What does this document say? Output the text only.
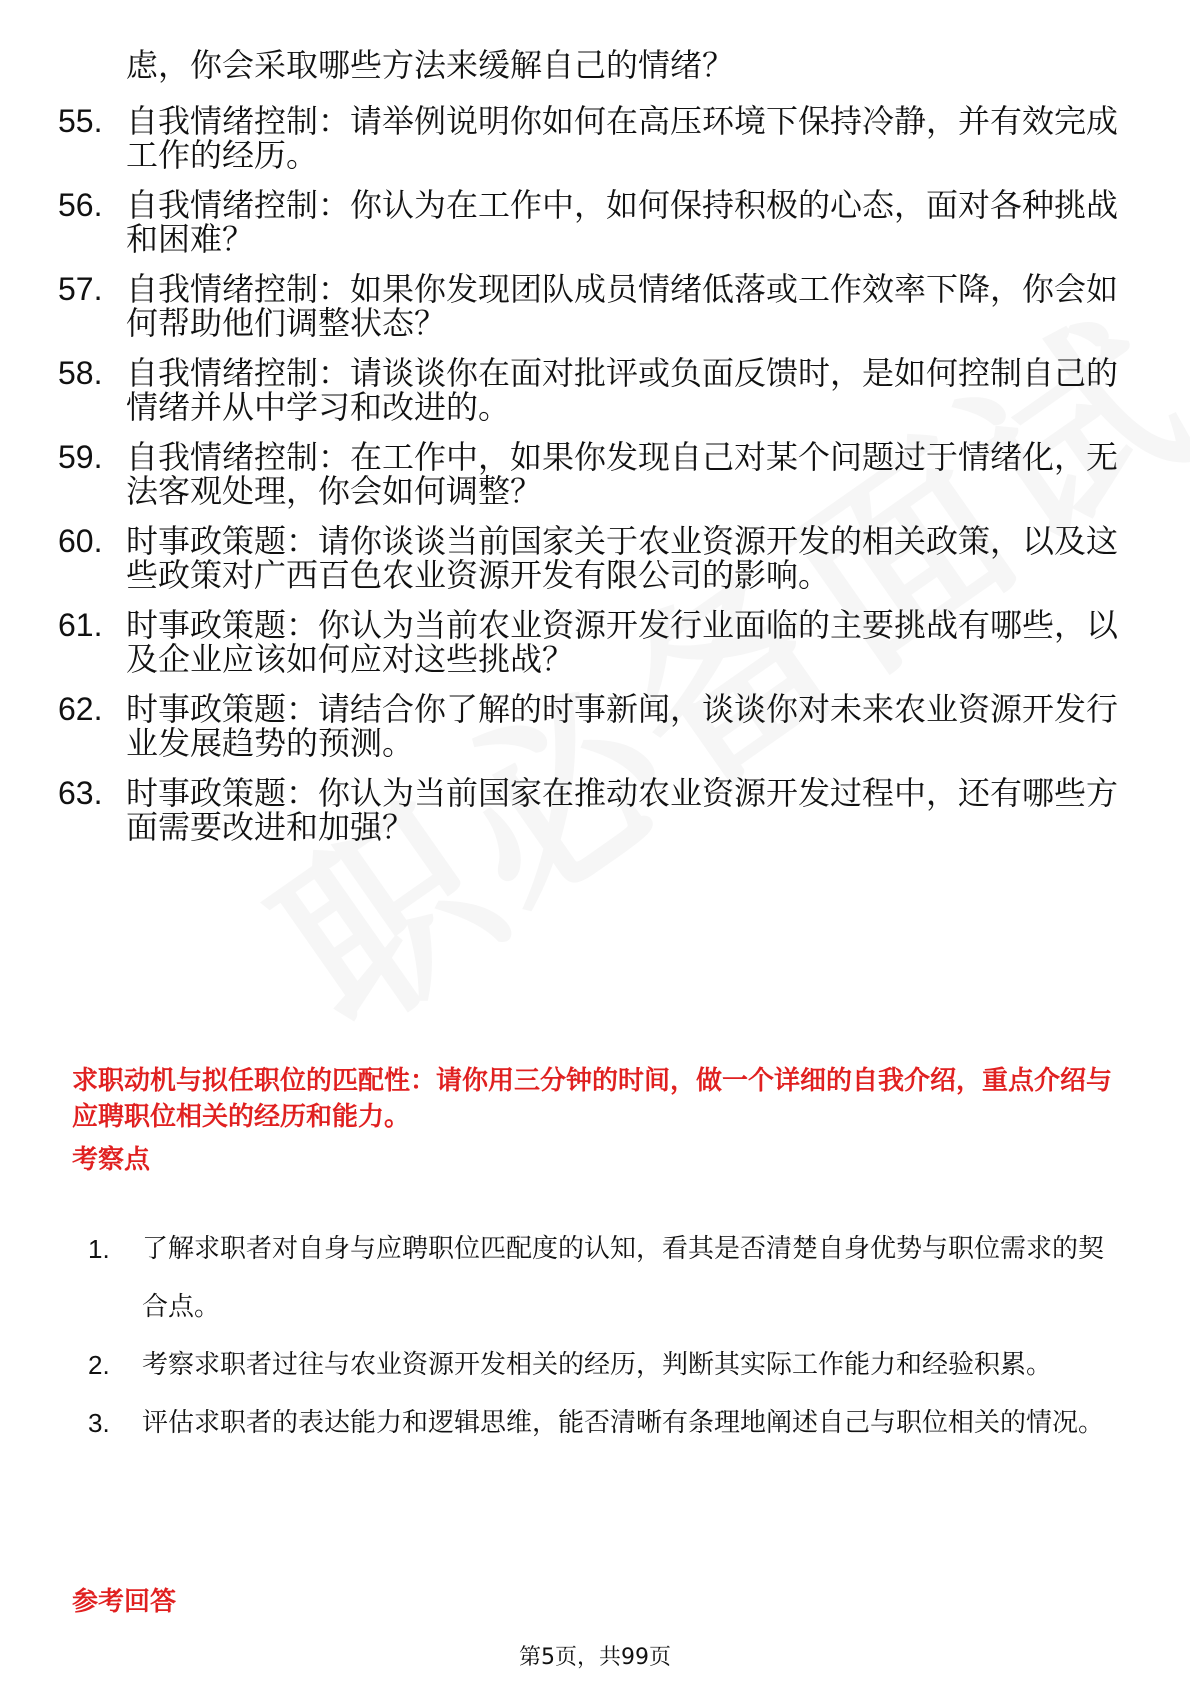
虑，你会采取哪些方法来缓解自己的情绪？
55. 自我情绪控制：请举例说明你如何在高压环境下保持冷静，并有效完成工作的经历。
56. 自我情绪控制：你认为在工作中，如何保持积极的心态，面对各种挑战和困难？
57. 自我情绪控制：如果你发现团队成员情绪低落或工作效率下降，你会如何帮助他们调整状态？
58. 自我情绪控制：请谈谈你在面对批评或负面反馈时，是如何控制自己的情绪并从中学习和改进的。
59. 自我情绪控制：在工作中，如果你发现自己对某个问题过于情绪化，无法客观处理，你会如何调整？
60. 时事政策题：请你谈谈当前国家关于农业资源开发的相关政策，以及这些政策对广西百色农业资源开发有限公司的影响。
61. 时事政策题：你认为当前农业资源开发行业面临的主要挑战有哪些，以及企业应该如何应对这些挑战？
62. 时事政策题：请结合你了解的时事新闻，谈谈你对未来农业资源开发行业发展趋势的预测。
63. 时事政策题：你认为当前国家在推动农业资源开发过程中，还有哪些方面需要改进和加强？
求职动机与拟任职位的匹配性：请你用三分钟的时间，做一个详细的自我介绍，重点介绍与应聘职位相关的经历和能力。
考察点
1.	了解求职者对自身与应聘职位匹配度的认知，看其是否清楚自身优势与职位需求的契合点。
2.	考察求职者过往与农业资源开发相关的经历，判断其实际工作能力和经验积累。
3.	评估求职者的表达能力和逻辑思维，能否清晰有条理地阐述自己与职位相关的情况。
参考回答
第5页，共99页
